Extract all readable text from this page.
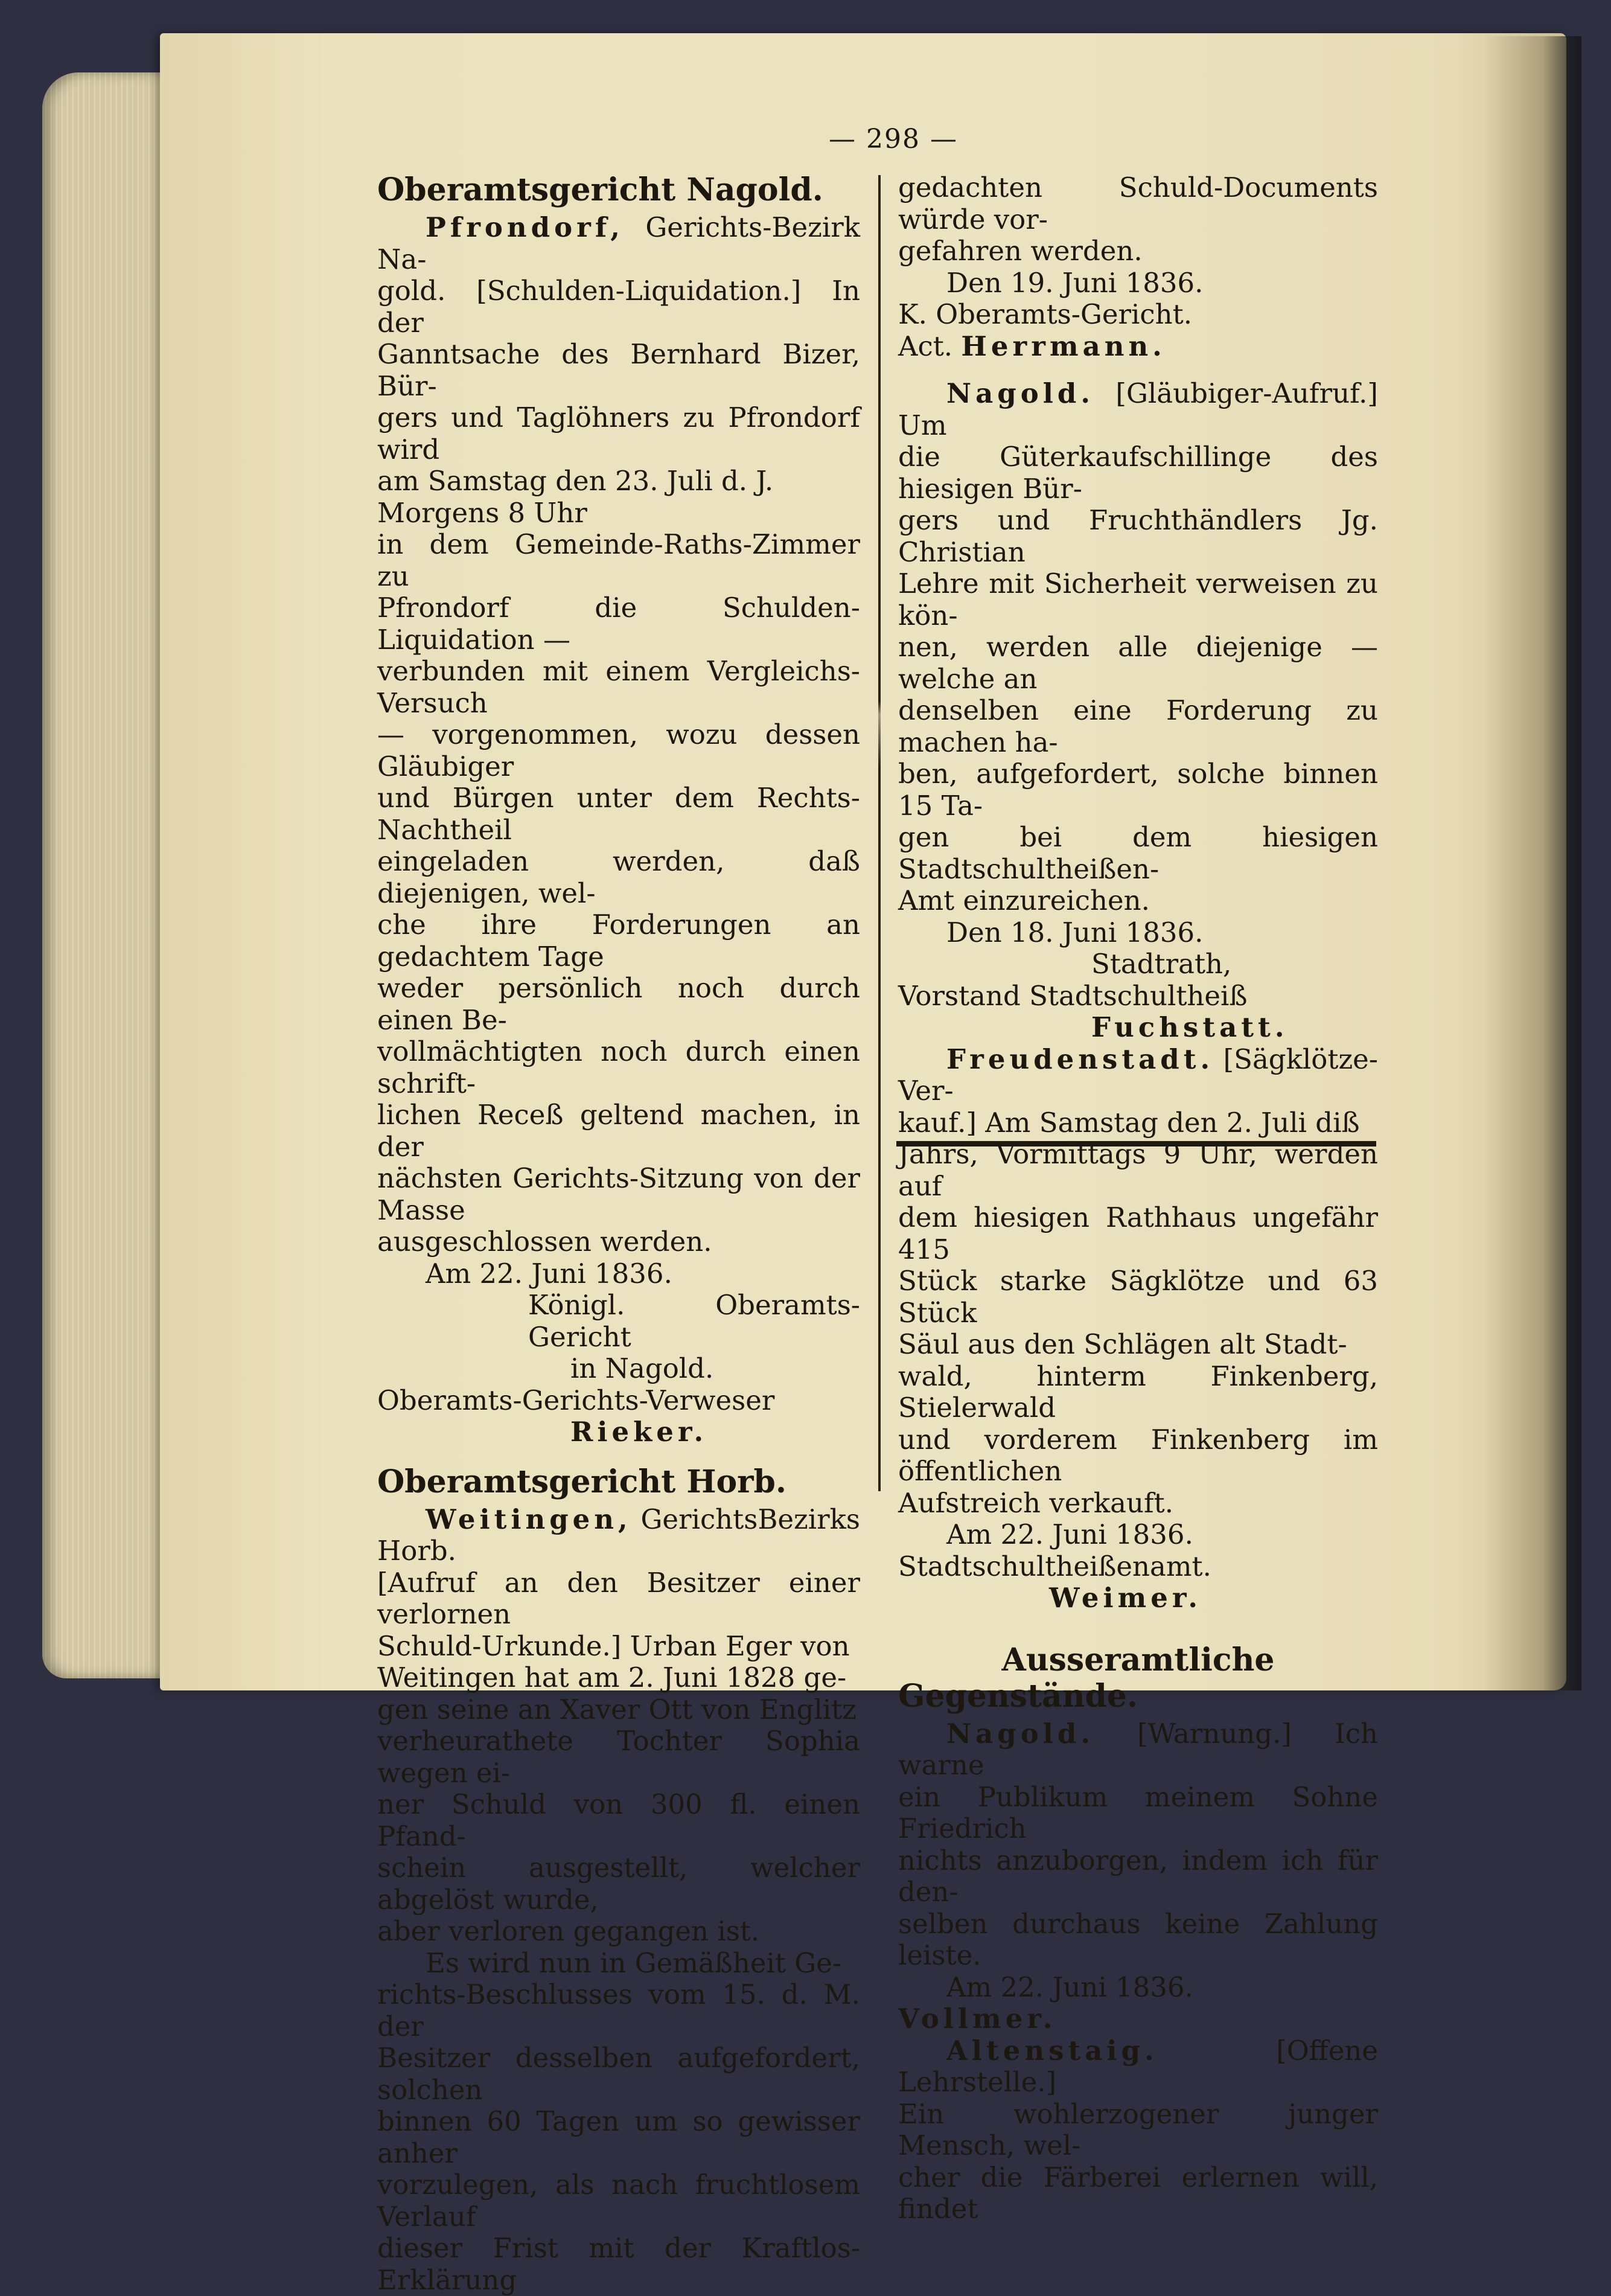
— 298 —

Oberamtsgericht Nagold.

Pfrondorf, Gerichts-Bezirk Na-

gold. [Schulden-Liquidation.] In der

Ganntsache des Bernhard Bizer, Bür-

gers und Taglöhners zu Pfrondorf wird

am Samstag den 23. Juli d. J.

Morgens 8 Uhr

in dem Gemeinde-Raths-Zimmer zu

Pfrondorf die Schulden-Liquidation —

verbunden mit einem Vergleichs-Versuch

— vorgenommen, wozu dessen Gläubiger

und Bürgen unter dem Rechts-Nachtheil

eingeladen werden, daß diejenigen, wel-

che ihre Forderungen an gedachtem Tage

weder persönlich noch durch einen Be-

vollmächtigten noch durch einen schrift-

lichen Receß geltend machen, in der

nächsten Gerichts-Sitzung von der Masse

ausgeschlossen werden.

Am 22. Juni 1836.

Königl. Oberamts-Gericht

in Nagold.

Oberamts-Gerichts-Verweser

Rieker.

Oberamtsgericht Horb.

Weitingen, GerichtsBezirks Horb.

[Aufruf an den Besitzer einer verlornen

Schuld-Urkunde.] Urban Eger von

Weitingen hat am 2. Juni 1828 ge-

gen seine an Xaver Ott von Englitz

verheurathete Tochter Sophia wegen ei-

ner Schuld von 300 fl. einen Pfand-

schein ausgestellt, welcher abgelöst wurde,

aber verloren gegangen ist.

Es wird nun in Gemäßheit Ge-

richts-Beschlusses vom 15. d. M. der

Besitzer desselben aufgefordert, solchen

binnen 60 Tagen um so gewisser anher

vorzulegen, als nach fruchtlosem Verlauf

dieser Frist mit der Kraftlos-Erklärung

gedachten Schuld-Documents würde vor-

gefahren werden.

Den 19. Juni 1836.

K. Oberamts-Gericht.

Act. Herrmann.

Nagold. [Gläubiger-Aufruf.] Um

die Güterkaufschillinge des hiesigen Bür-

gers und Fruchthändlers Jg. Christian

Lehre mit Sicherheit verweisen zu kön-

nen, werden alle diejenige — welche an

denselben eine Forderung zu machen ha-

ben, aufgefordert, solche binnen 15 Ta-

gen bei dem hiesigen Stadtschultheißen-

Amt einzureichen.

Den 18. Juni 1836.

Stadtrath,

Vorstand Stadtschultheiß

Fuchstatt.

Freudenstadt. [Sägklötze-Ver-

kauf.] Am Samstag den 2. Juli diß

Jahrs, Vormittags 9 Uhr, werden auf

dem hiesigen Rathhaus ungefähr 415

Stück starke Sägklötze und 63 Stück

Säul aus den Schlägen alt Stadt-

wald, hinterm Finkenberg, Stielerwald

und vorderem Finkenberg im öffentlichen

Aufstreich verkauft.

Am 22. Juni 1836.

Stadtschultheißenamt.

Weimer.

Ausseramtliche Gegenstände.

Nagold. [Warnung.] Ich warne

ein Publikum meinem Sohne Friedrich

nichts anzuborgen, indem ich für den-

selben durchaus keine Zahlung leiste.

Am 22. Juni 1836.

Vollmer.

Altenstaig.	[Offene Lehrstelle.]

Ein wohlerzogener junger Mensch, wel-

cher die Färberei erlernen will, findet
